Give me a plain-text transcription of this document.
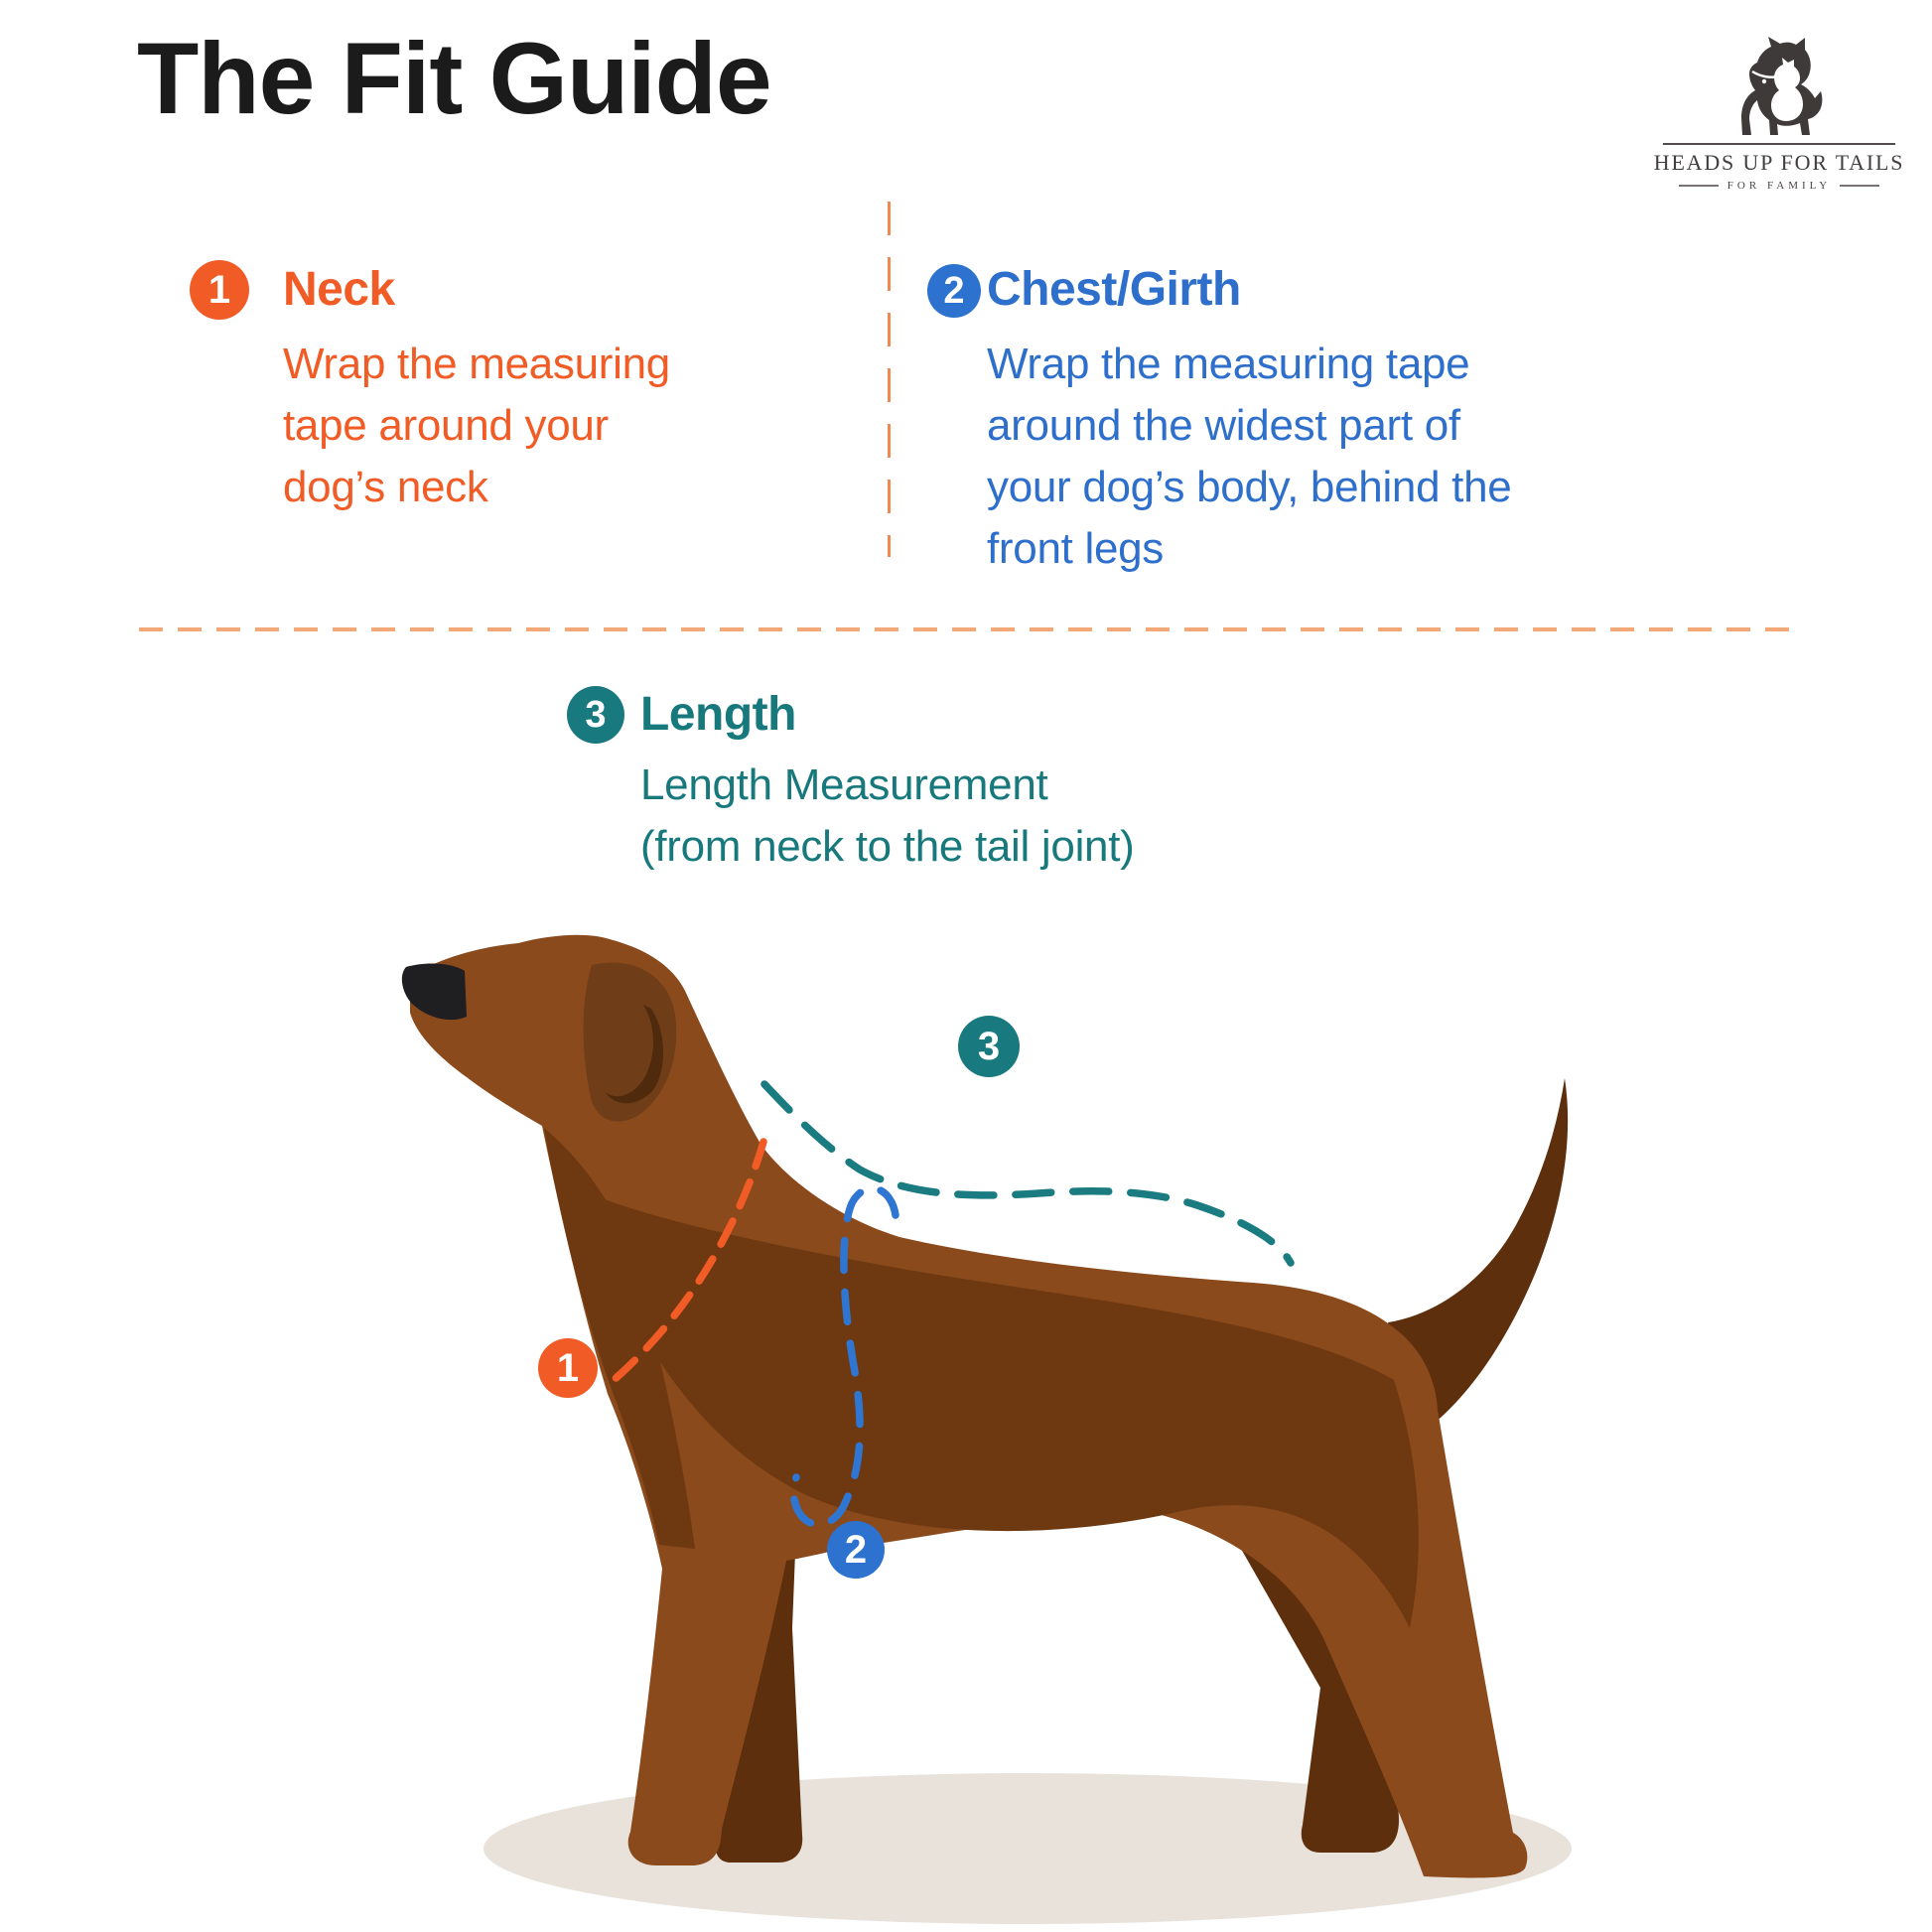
The Fit Guide
HEADS UP FOR TAILS
FOR FAMILY
1	Neck
Wrap the measuring
tape around your
dog’s neck
2 Chest/Girth
Wrap the measuring tape
around the widest part of
your dog’s body, behind the
front legs
3 Length
Length Measurement
(from neck to the tail joint)
1
2
3
